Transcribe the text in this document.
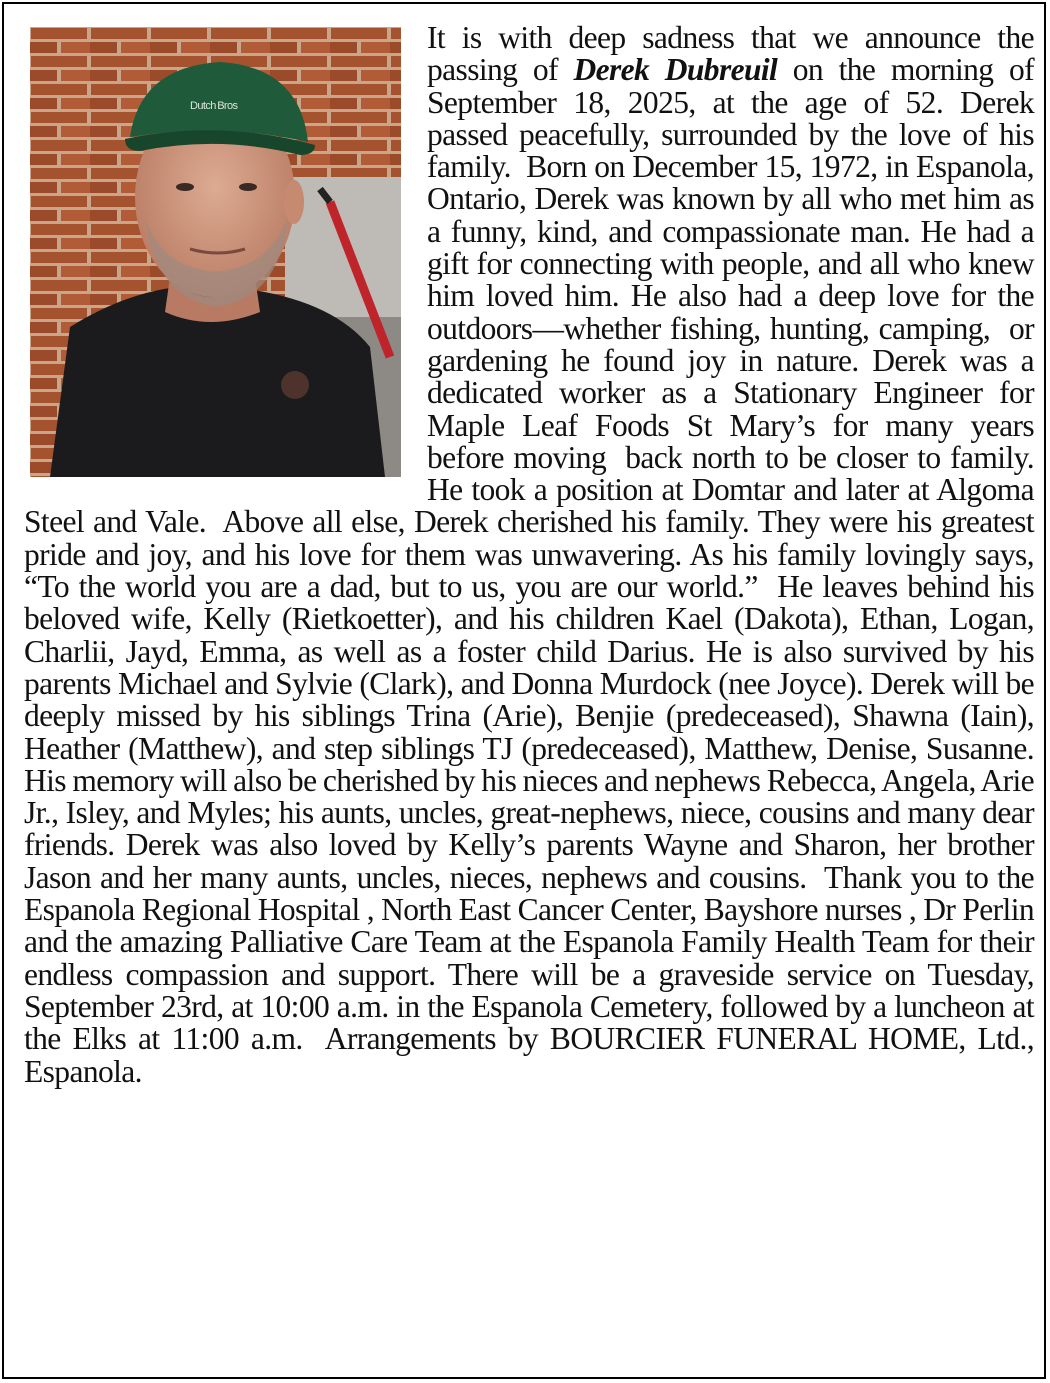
Dutch Bros
It is with deep sadness that we announce the passing of Derek Dubreuil on the morning of September 18, 2025, at the age of 52. Derek passed peacefully, surrounded by the love of his family.  Born on December 15, 1972, in Espanola, Ontario, Derek was known by all who met him as a funny, kind, and compassionate man. He had a gift for connecting with people, and all who knew him loved him. He also had a deep love for the outdoors—whether fishing, hunting, camping,  or gardening he found joy in nature. Derek was a dedicated worker as a Stationary Engineer for Maple Leaf Foods St Mary’s for many years before moving  back north to be closer to family. He took a position at Domtar and later at Algoma Steel and Vale.  Above all else, Derek cherished his family. They were his greatest pride and joy, and his love for them was unwavering. As his family lovingly says, “To the world you are a dad, but to us, you are our world.”  He leaves behind his beloved wife, Kelly (Rietkoetter), and his children Kael (Dakota), Ethan, Logan, Charlii, Jayd, Emma, as well as a foster child Darius. He is also survived by his parents Michael and Sylvie (Clark), and Donna Murdock (nee Joyce). Derek will be deeply missed by his siblings Trina (Arie), Benjie (predeceased), Shawna (Iain), Heather (Matthew), and step siblings TJ (predeceased), Matthew, Denise, Susanne. His memory will also be cherished by his nieces and nephews Rebecca, Angela, Arie Jr., Isley, and Myles; his aunts, uncles, great-nephews, niece, cousins and many dear friends. Derek was also loved by Kelly’s parents Wayne and Sharon, her brother Jason and her many aunts, uncles, nieces, nephews and cousins.  Thank you to the Espanola Regional Hospital , North East Cancer Center, Bayshore nurses , Dr Perlin and the amazing Palliative Care Team at the Espanola Family Health Team for their endless compassion and support. There will be a graveside service on Tuesday, September 23rd, at 10:00 a.m. in the Espanola Cemetery, followed by a luncheon at the Elks at 11:00 a.m.  Arrangements by BOURCIER FUNERAL HOME, Ltd., Espanola.
